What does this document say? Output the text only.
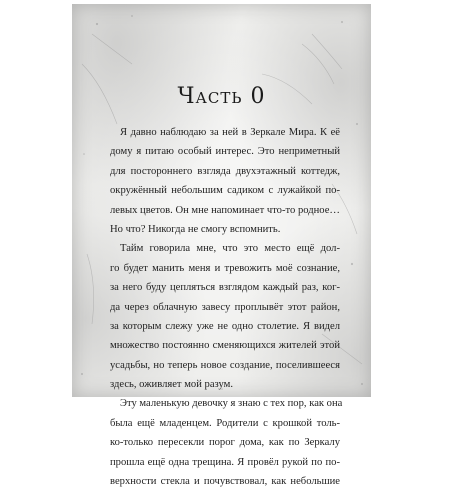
Часть 0
Я давно наблюдаю за ней в Зеркале Мира. К её
дому я питаю особый интерес. Это неприметный
для постороннего взгляда двухэтажный коттедж,
окружённый небольшим садиком с лужайкой по-
левых цветов. Он мне напоминает что-то родное…
Но что? Никогда не смогу вспомнить.
Тайм говорила мне, что это место ещё дол-
го будет манить меня и тревожить моё сознание,
за него буду цепляться взглядом каждый раз, ког-
да через облачную завесу проплывёт этот район,
за которым слежу уже не одно столетие. Я видел
множество постоянно сменяющихся жителей этой
усадьбы, но теперь новое создание, поселившееся
здесь, оживляет мой разум.
Эту маленькую девочку я знаю с тех пор, как она
была ещё младенцем. Родители с крошкой толь-
ко-только пересекли порог дома, как по Зеркалу
прошла ещё одна трещина. Я провёл рукой по по-
верхности стекла и почувствовал, как небольшие
